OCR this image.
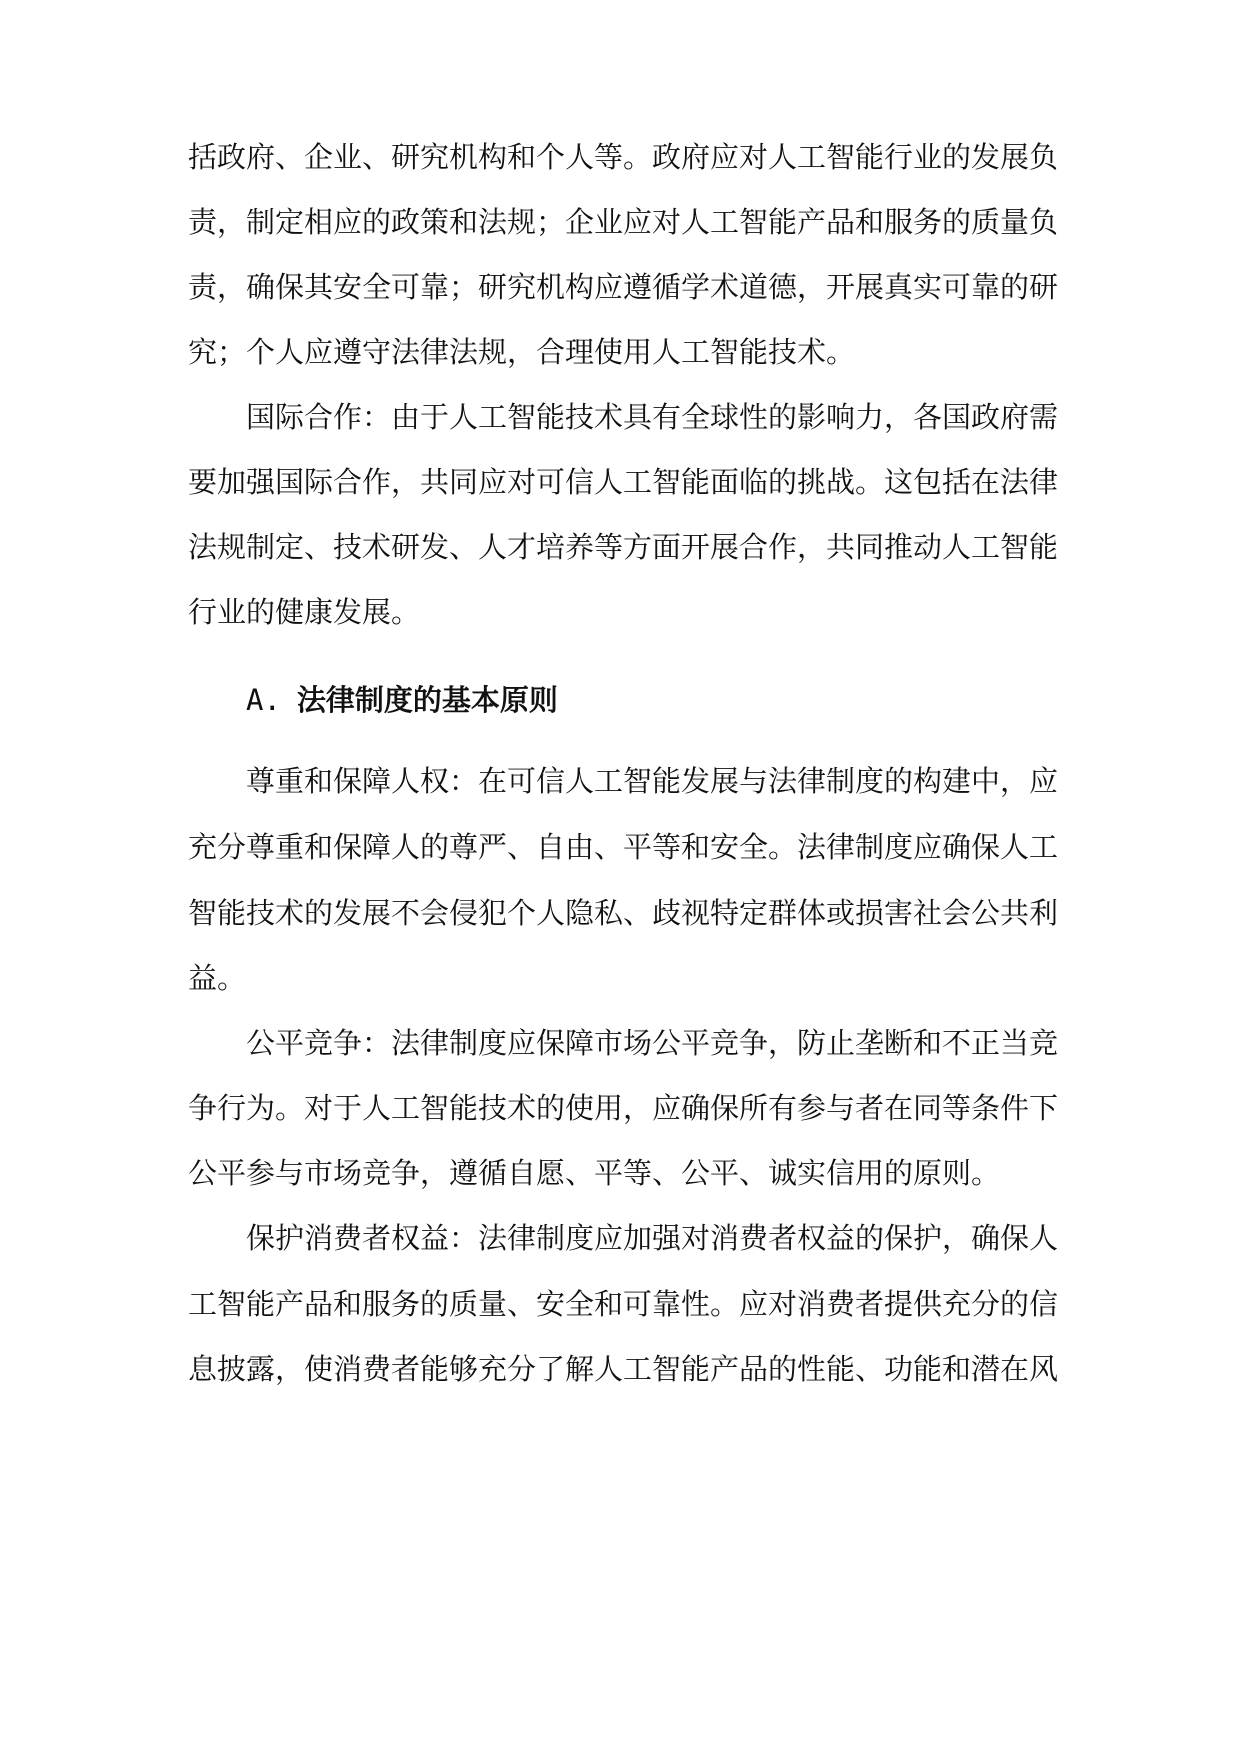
括政府、企业、研究机构和个人等。政府应对人工智能行业的发展负
责，制定相应的政策和法规；企业应对人工智能产品和服务的质量负
责，确保其安全可靠；研究机构应遵循学术道德，开展真实可靠的研
究；个人应遵守法律法规，合理使用人工智能技术。
国际合作：由于人工智能技术具有全球性的影响力，各国政府需
要加强国际合作，共同应对可信人工智能面临的挑战。这包括在法律
法规制定、技术研发、人才培养等方面开展合作，共同推动人工智能
行业的健康发展。
A. 法律制度的基本原则
尊重和保障人权：在可信人工智能发展与法律制度的构建中，应
充分尊重和保障人的尊严、自由、平等和安全。法律制度应确保人工
智能技术的发展不会侵犯个人隐私、歧视特定群体或损害社会公共利
益。
公平竞争：法律制度应保障市场公平竞争，防止垄断和不正当竞
争行为。对于人工智能技术的使用，应确保所有参与者在同等条件下
公平参与市场竞争，遵循自愿、平等、公平、诚实信用的原则。
保护消费者权益：法律制度应加强对消费者权益的保护，确保人
工智能产品和服务的质量、安全和可靠性。应对消费者提供充分的信
息披露，使消费者能够充分了解人工智能产品的性能、功能和潜在风
